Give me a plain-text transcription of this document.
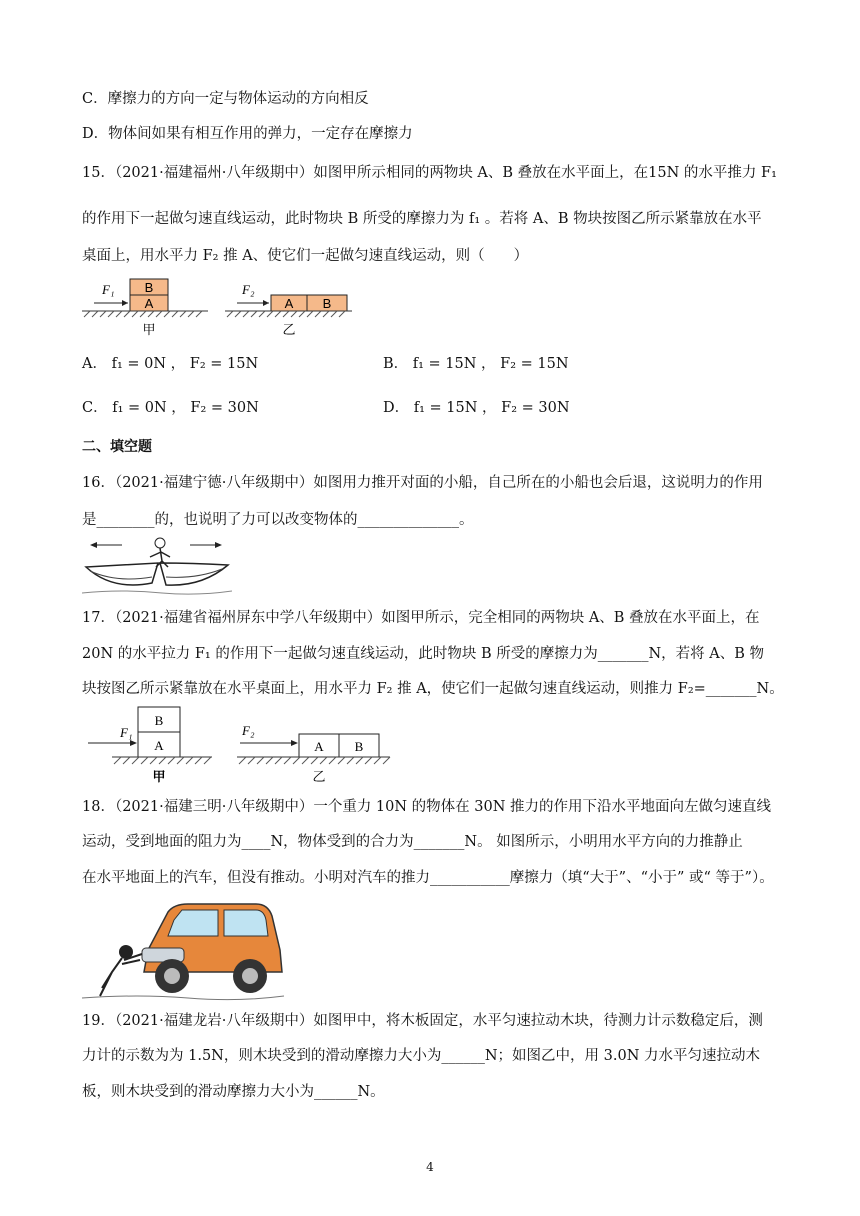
C．摩擦力的方向一定与物体运动的方向相反
D．物体间如果有相互作用的弹力，一定存在摩擦力
15．（2021·福建福州·八年级期中）如图甲所示相同的两物块 A、B 叠放在水平面上，在15N 的水平推力 F₁
的作用下一起做匀速直线运动，此时物块 B 所受的摩擦力为 f₁ 。若将 A、B 物块按图乙所示紧靠放在水平
桌面上，用水平力 F₂ 推 A、使它们一起做匀速直线运动，则（　　）
B
A
F₁
甲
A B
F₂
乙
A． f₁ = 0N ， F₂ = 15N	B． f₁ = 15N ， F₂ = 15N
C． f₁ = 0N ， F₂ = 30N	D． f₁ = 15N ， F₂ = 30N
二、填空题
16．（2021·福建宁德·八年级期中）如图用力推开对面的小船，自己所在的小船也会后退，这说明力的作用
是________的，也说明了力可以改变物体的______________。
17．（2021·福建省福州屏东中学八年级期中）如图甲所示，完全相同的两物块 A、B 叠放在水平面上，在
20N 的水平拉力 F₁ 的作用下一起做匀速直线运动，此时物块 B 所受的摩擦力为_______N，若将 A、B 物
块按图乙所示紧靠放在水平桌面上，用水平力 F₂ 推 A，使它们一起做匀速直线运动，则推力 F₂=_______N。
B
A
F₁
甲
A B
F₂
乙
18．（2021·福建三明·八年级期中）一个重力 10N 的物体在 30N 推力的作用下沿水平地面向左做匀速直线
运动，受到地面的阻力为____N，物体受到的合力为_______N。 如图所示，小明用水平方向的力推静止
在水平地面上的汽车，但没有推动。小明对汽车的推力___________摩擦力（填“大于”、“小于” 或“ 等于”）。
19．（2021·福建龙岩·八年级期中）如图甲中，将木板固定，水平匀速拉动木块，待测力计示数稳定后，测
力计的示数为为 1.5N，则木块受到的滑动摩擦力大小为______N；如图乙中，用 3.0N 力水平匀速拉动木
板，则木块受到的滑动摩擦力大小为______N。
4
